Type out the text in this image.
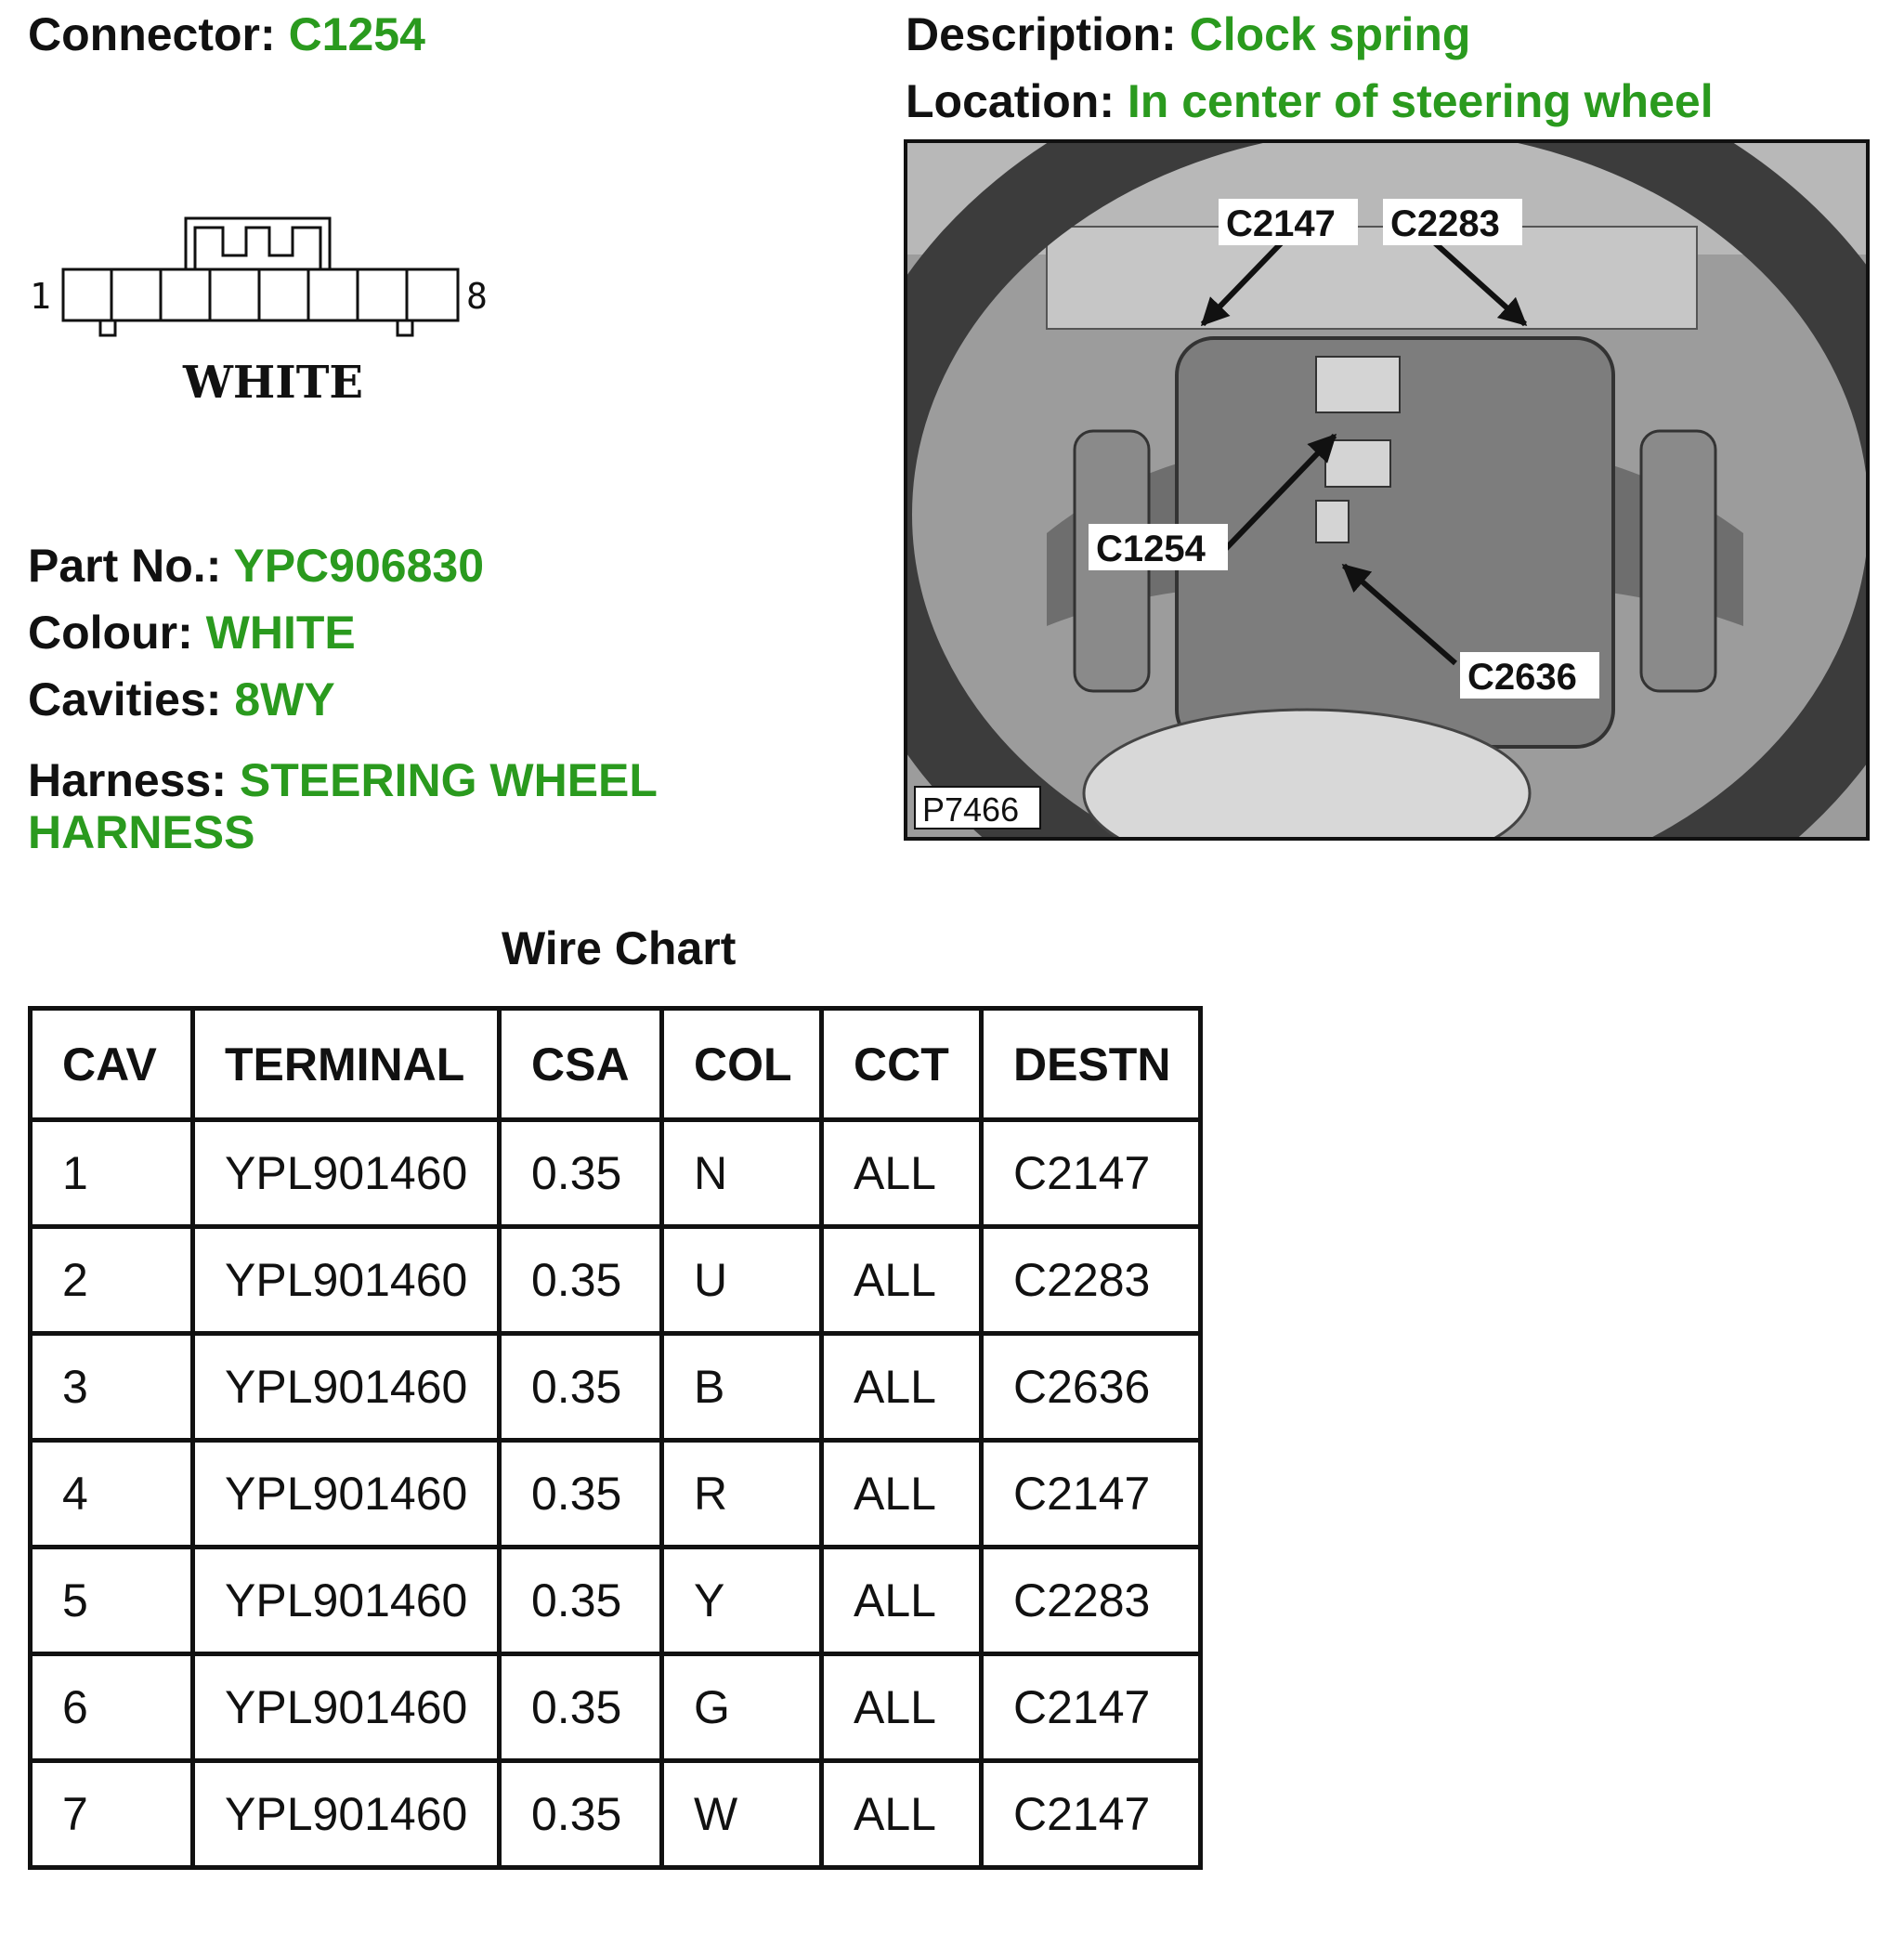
Connector: C1254	Description: Clock spring
Location: In center of steering wheel
1	8
WHITE
Part No.: YPC906830
Colour: WHITE
Cavities: 8WY
Harness: STEERING WHEEL HARNESS
C2147 C2283
C1254
C2636
P7466
Wire Chart
CAV	TERMINAL	CSA	COL	CCT	DESTN
1	YPL901460	0.35	N	ALL	C2147
2	YPL901460	0.35	U	ALL	C2283
3	YPL901460	0.35	B	ALL	C2636
4	YPL901460	0.35	R	ALL	C2147
5	YPL901460	0.35	Y	ALL	C2283
6	YPL901460	0.35	G	ALL	C2147
7	YPL901460	0.35	W	ALL	C2147
